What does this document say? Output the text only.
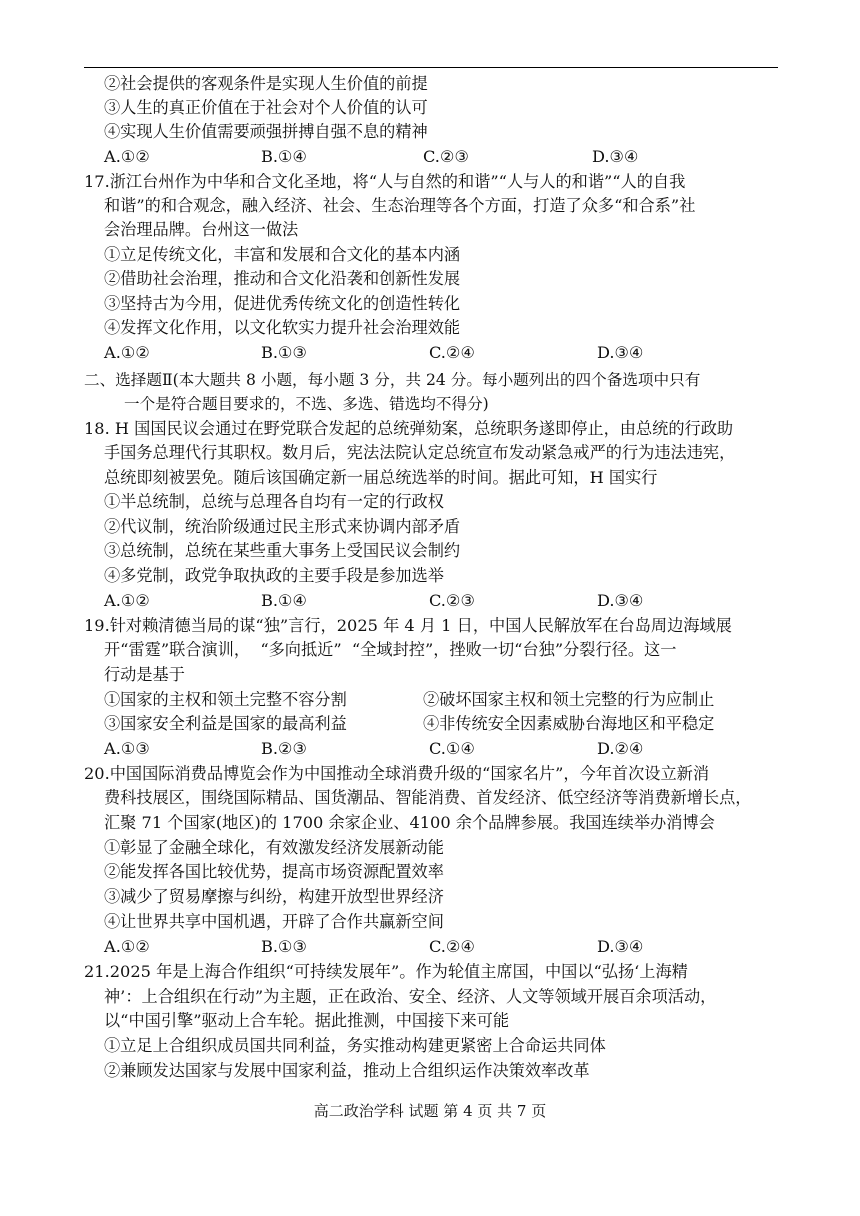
②社会提供的客观条件是实现人生价值的前提
③人生的真正价值在于社会对个人价值的认可
④实现人生价值需要顽强拼搏自强不息的精神
A.①②	B.①④	C.②③	D.③④
17.浙江台州作为中华和合文化圣地，将“人与自然的和谐”“人与人的和谐”“人的自我
和谐”的和合观念，融入经济、社会、生态治理等各个方面，打造了众多“和合系”社
会治理品牌。台州这一做法
①立足传统文化，丰富和发展和合文化的基本内涵
②借助社会治理，推动和合文化沿袭和创新性发展
③坚持古为今用，促进优秀传统文化的创造性转化
④发挥文化作用，以文化软实力提升社会治理效能
A.①②	B.①③	C.②④	D.③④
二、选择题Ⅱ(本大题共 8 小题，每小题 3 分，共 24 分。每小题列出的四个备选项中只有
一个是符合题目要求的，不选、多选、错选均不得分)
18. H 国国民议会通过在野党联合发起的总统弹劾案，总统职务遂即停止，由总统的行政助
手国务总理代行其职权。数月后，宪法法院认定总统宣布发动紧急戒严的行为违法违宪，
总统即刻被罢免。随后该国确定新一届总统选举的时间。据此可知，H 国实行
①半总统制，总统与总理各自均有一定的行政权
②代议制，统治阶级通过民主形式来协调内部矛盾
③总统制，总统在某些重大事务上受国民议会制约
④多党制，政党争取执政的主要手段是参加选举
A.①②	B.①④	C.②③	D.③④
19.针对赖清德当局的谋“独”言行，2025 年 4 月 1 日，中国人民解放军在台岛周边海域展
开“雷霆”联合演训，  “多向抵近”  “全域封控”，挫败一切“台独”分裂行径。这一
行动是基于
①国家的主权和领土完整不容分割	②破坏国家主权和领土完整的行为应制止
③国家安全利益是国家的最高利益	④非传统安全因素威胁台海地区和平稳定
A.①③	B.②③	C.①④	D.②④
20.中国国际消费品博览会作为中国推动全球消费升级的“国家名片”，今年首次设立新消
费科技展区，围绕国际精品、国货潮品、智能消费、首发经济、低空经济等消费新增长点，
汇聚 71 个国家(地区)的 1700 余家企业、4100 余个品牌参展。我国连续举办消博会
①彰显了金融全球化，有效激发经济发展新动能
②能发挥各国比较优势，提高市场资源配置效率
③减少了贸易摩擦与纠纷，构建开放型世界经济
④让世界共享中国机遇，开辟了合作共赢新空间
A.①②	B.①③	C.②④	D.③④
21.2025 年是上海合作组织“可持续发展年”。作为轮值主席国，中国以“弘扬‘上海精
神’：上合组织在行动”为主题，正在政治、安全、经济、人文等领域开展百余项活动，
以“中国引擎”驱动上合车轮。据此推测，中国接下来可能
①立足上合组织成员国共同利益，务实推动构建更紧密上合命运共同体
②兼顾发达国家与发展中国家利益，推动上合组织运作决策效率改革
高二政治学科 试题 第 4 页 共 7 页
